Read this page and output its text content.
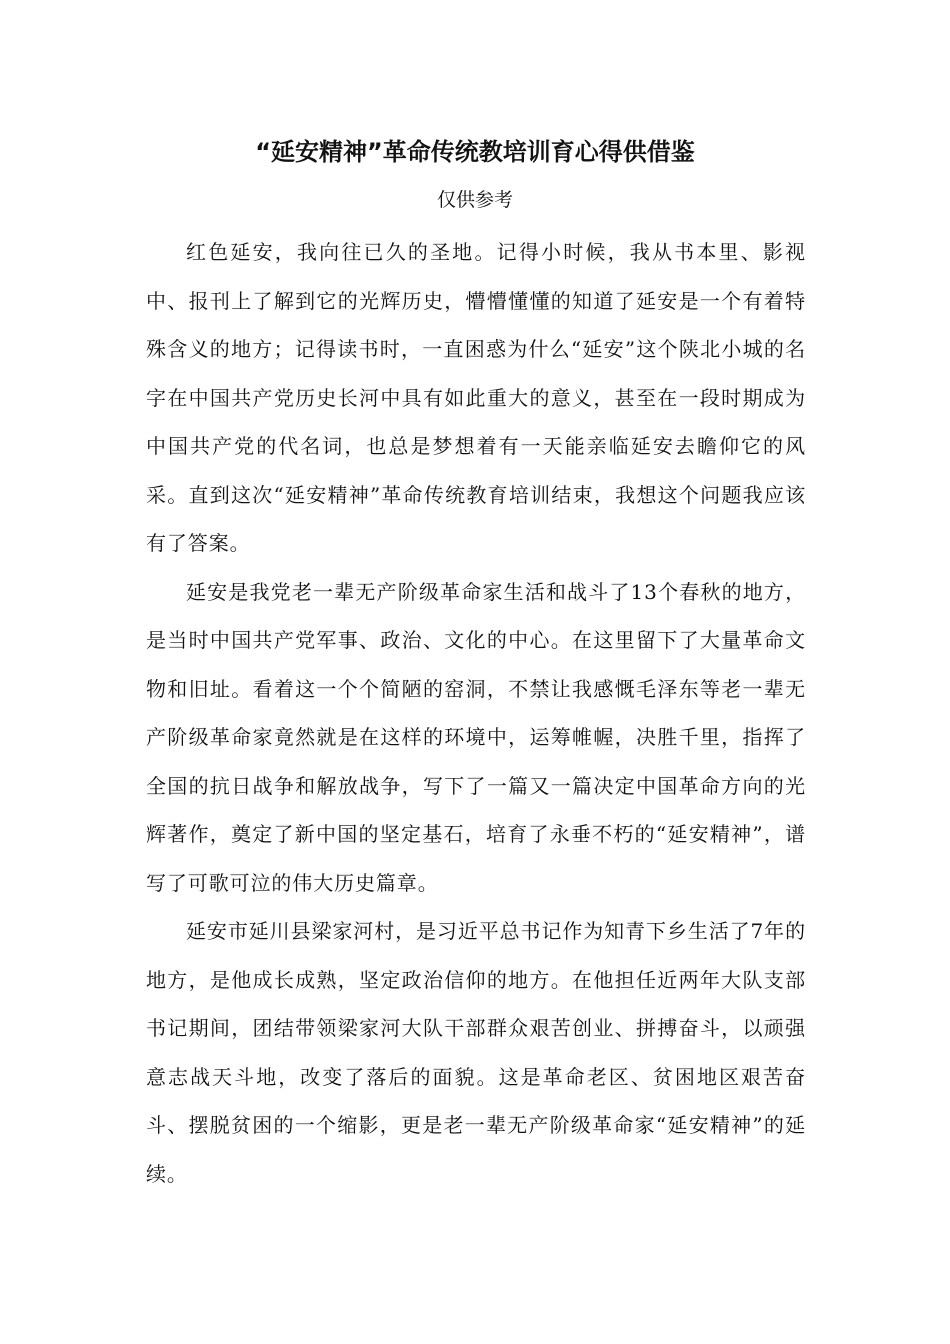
“延安精神”革命传统教培训育心得供借鉴
仅供参考

红色延安，我向往已久的圣地。记得小时候，我从书本里、影视中、报刊上了解到它的光辉历史，懵懵懂懂的知道了延安是一个有着特殊含义的地方；记得读书时，一直困惑为什么“延安”这个陕北小城的名字在中国共产党历史长河中具有如此重大的意义，甚至在一段时期成为中国共产党的代名词，也总是梦想着有一天能亲临延安去瞻仰它的风采。直到这次“延安精神”革命传统教育培训结束，我想这个问题我应该有了答案。

延安是我党老一辈无产阶级革命家生活和战斗了13个春秋的地方，是当时中国共产党军事、政治、文化的中心。在这里留下了大量革命文物和旧址。看着这一个个简陋的窑洞，不禁让我感慨毛泽东等老一辈无产阶级革命家竟然就是在这样的环境中，运筹帷幄，决胜千里，指挥了全国的抗日战争和解放战争，写下了一篇又一篇决定中国革命方向的光辉著作，奠定了新中国的坚定基石，培育了永垂不朽的“延安精神”，谱写了可歌可泣的伟大历史篇章。

延安市延川县梁家河村，是习近平总书记作为知青下乡生活了7年的地方，是他成长成熟，坚定政治信仰的地方。在他担任近两年大队支部书记期间，团结带领梁家河大队干部群众艰苦创业、拼搏奋斗，以顽强意志战天斗地，改变了落后的面貌。这是革命老区、贫困地区艰苦奋斗、摆脱贫困的一个缩影，更是老一辈无产阶级革命家“延安精神”的延续。
